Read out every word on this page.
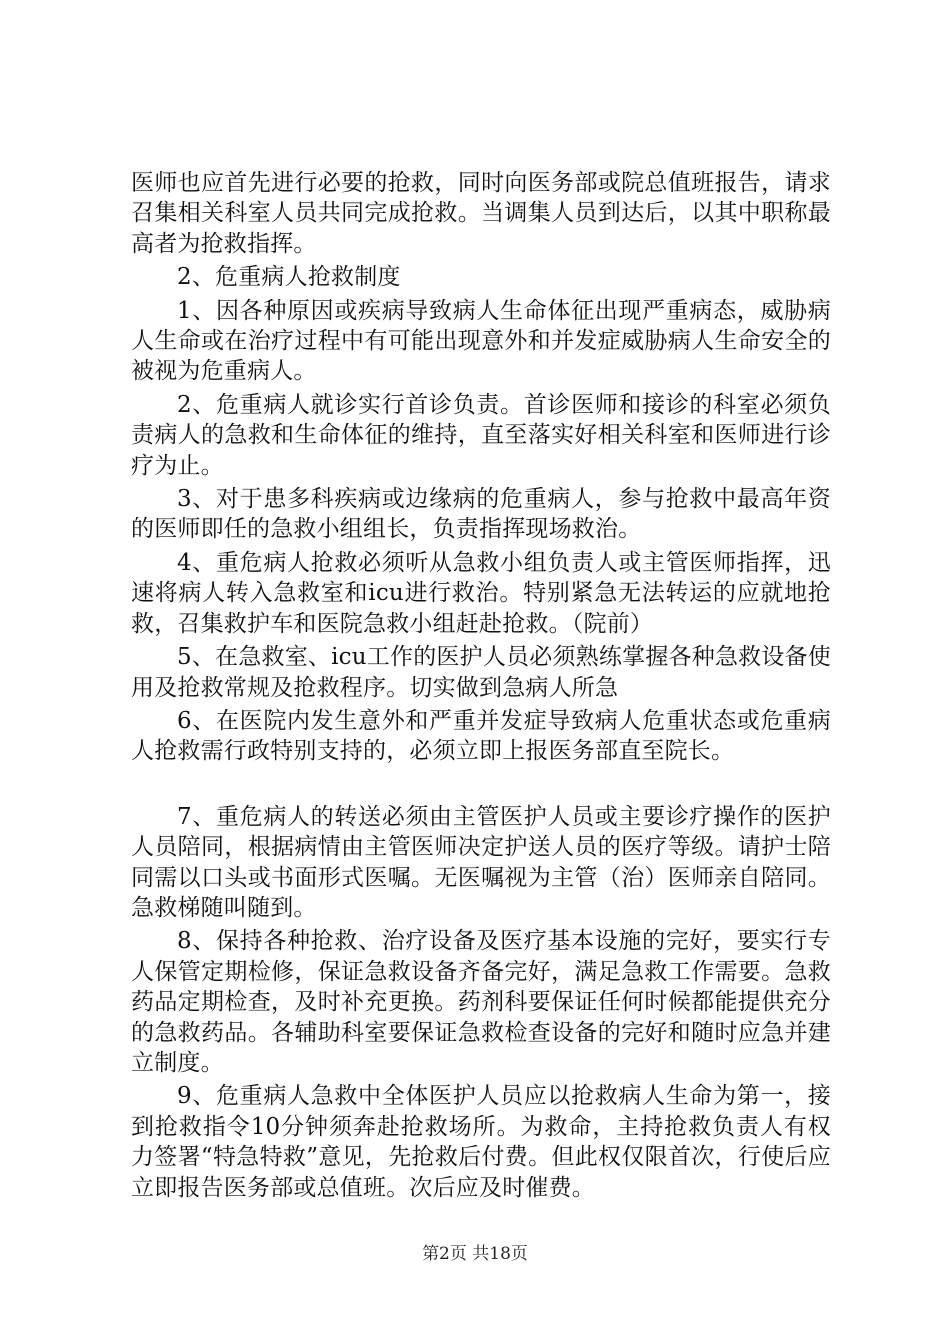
医师也应首先进行必要的抢救，同时向医务部或院总值班报告，请求召集相关科室人员共同完成抢救。当调集人员到达后，以其中职称最高者为抢救指挥。

2、危重病人抢救制度

1、因各种原因或疾病导致病人生命体征出现严重病态，威胁病人生命或在治疗过程中有可能出现意外和并发症威胁病人生命安全的被视为危重病人。

2、危重病人就诊实行首诊负责。首诊医师和接诊的科室必须负责病人的急救和生命体征的维持，直至落实好相关科室和医师进行诊疗为止。

3、对于患多科疾病或边缘病的危重病人，参与抢救中最高年资的医师即任的急救小组组长，负责指挥现场救治。

4、重危病人抢救必须听从急救小组负责人或主管医师指挥，迅速将病人转入急救室和icu进行救治。特别紧急无法转运的应就地抢救，召集救护车和医院急救小组赶赴抢救。（院前）

5、在急救室、icu工作的医护人员必须熟练掌握各种急救设备使用及抢救常规及抢救程序。切实做到急病人所急

6、在医院内发生意外和严重并发症导致病人危重状态或危重病人抢救需行政特别支持的，必须立即上报医务部直至院长。

7、重危病人的转送必须由主管医护人员或主要诊疗操作的医护人员陪同，根据病情由主管医师决定护送人员的医疗等级。请护士陪同需以口头或书面形式医嘱。无医嘱视为主管（治）医师亲自陪同。急救梯随叫随到。

8、保持各种抢救、治疗设备及医疗基本设施的完好，要实行专人保管定期检修，保证急救设备齐备完好，满足急救工作需要。急救药品定期检查，及时补充更换。药剂科要保证任何时候都能提供充分的急救药品。各辅助科室要保证急救检查设备的完好和随时应急并建立制度。

9、危重病人急救中全体医护人员应以抢救病人生命为第一，接到抢救指令10分钟须奔赴抢救场所。为救命，主持抢救负责人有权力签署“特急特救”意见，先抢救后付费。但此权仅限首次，行使后应立即报告医务部或总值班。次后应及时催费。

第2页 共18页
